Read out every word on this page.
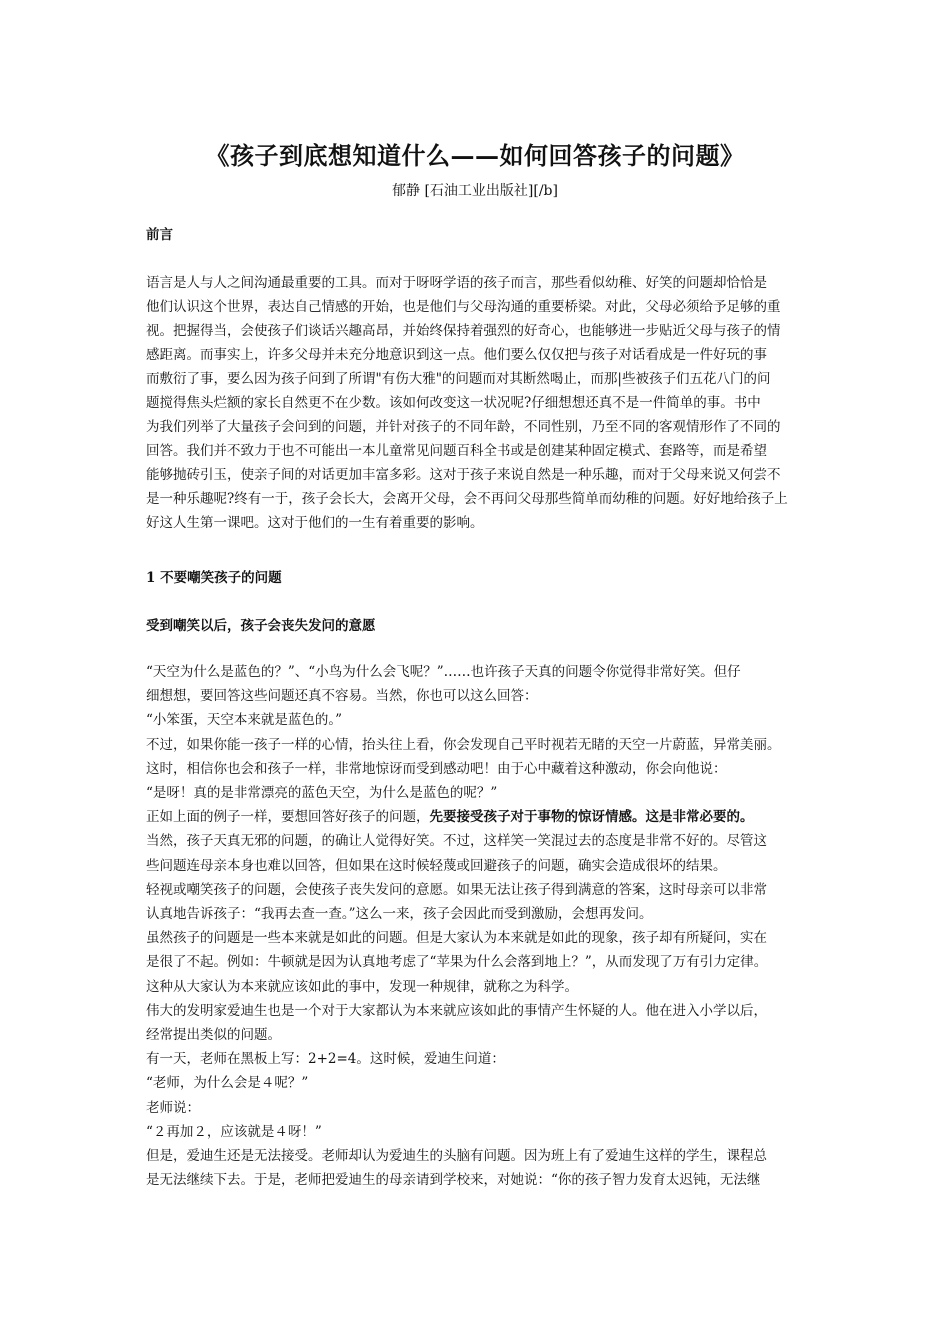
《孩子到底想知道什么——如何回答孩子的问题》
郁静 [石油工业出版社][/b]

前言

语言是人与人之间沟通最重要的工具。而对于呀呀学语的孩子而言，那些看似幼稚、好笑的问题却恰恰是

他们认识这个世界，表达自己情感的开始，也是他们与父母沟通的重要桥梁。对此，父母必须给予足够的重

视。把握得当，会使孩子们谈话兴趣高昂，并始终保持着强烈的好奇心，也能够进一步贴近父母与孩子的情

感距离。而事实上，许多父母并未充分地意识到这一点。他们要么仅仅把与孩子对话看成是一件好玩的事

而敷衍了事，要么因为孩子问到了所谓"有伤大雅"的问题而对其断然喝止，而那|些被孩子们五花八门的问

题搅得焦头烂额的家长自然更不在少数。该如何改变这一状况呢?仔细想想还真不是一件简单的事。书中

为我们列举了大量孩子会问到的问题，并针对孩子的不同年龄，不同性别，乃至不同的客观情形作了不同的

回答。我们并不致力于也不可能出一本儿童常见问题百科全书或是创建某种固定模式、套路等，而是希望

能够抛砖引玉，使亲子间的对话更加丰富多彩。这对于孩子来说自然是一种乐趣，而对于父母来说又何尝不

是一种乐趣呢?终有一于，孩子会长大，会离开父母，会不再问父母那些简单而幼稚的问题。好好地给孩子上

好这人生第一课吧。这对于他们的一生有着重要的影响。

1 不要嘲笑孩子的问题

受到嘲笑以后，孩子会丧失发问的意愿

“天空为什么是蓝色的？”、“小鸟为什么会飞呢？”……也许孩子天真的问题令你觉得非常好笑。但仔

细想想，要回答这些问题还真不容易。当然，你也可以这么回答：

“小笨蛋，天空本来就是蓝色的。”

不过，如果你能一孩子一样的心情，抬头往上看，你会发现自己平时视若无睹的天空一片蔚蓝，异常美丽。

这时，相信你也会和孩子一样，非常地惊讶而受到感动吧！由于心中藏着这种激动，你会向他说：

“是呀！真的是非常漂亮的蓝色天空，为什么是蓝色的呢？”

正如上面的例子一样，要想回答好孩子的问题，先要接受孩子对于事物的惊讶情感。这是非常必要的。

当然，孩子天真无邪的问题，的确让人觉得好笑。不过，这样笑一笑混过去的态度是非常不好的。尽管这

些问题连母亲本身也难以回答，但如果在这时候轻蔑或回避孩子的问题，确实会造成很坏的结果。

轻视或嘲笑孩子的问题，会使孩子丧失发问的意愿。如果无法让孩子得到满意的答案，这时母亲可以非常

认真地告诉孩子：“我再去查一查。”这么一来，孩子会因此而受到激励，会想再发问。

虽然孩子的问题是一些本来就是如此的问题。但是大家认为本来就是如此的现象，孩子却有所疑问，实在

是很了不起。例如：牛顿就是因为认真地考虑了“苹果为什么会落到地上？”，从而发现了万有引力定律。

这种从大家认为本来就应该如此的事中，发现一种规律，就称之为科学。

伟大的发明家爱迪生也是一个对于大家都认为本来就应该如此的事情产生怀疑的人。他在进入小学以后，

经常提出类似的问题。

有一天，老师在黑板上写：2+2=4。这时候，爱迪生问道：

“老师，为什么会是４呢？”

老师说：

“２再加２，应该就是４呀！”

但是，爱迪生还是无法接受。老师却认为爱迪生的头脑有问题。因为班上有了爱迪生这样的学生，课程总

是无法继续下去。于是，老师把爱迪生的母亲请到学校来，对她说：“你的孩子智力发育太迟钝，无法继
